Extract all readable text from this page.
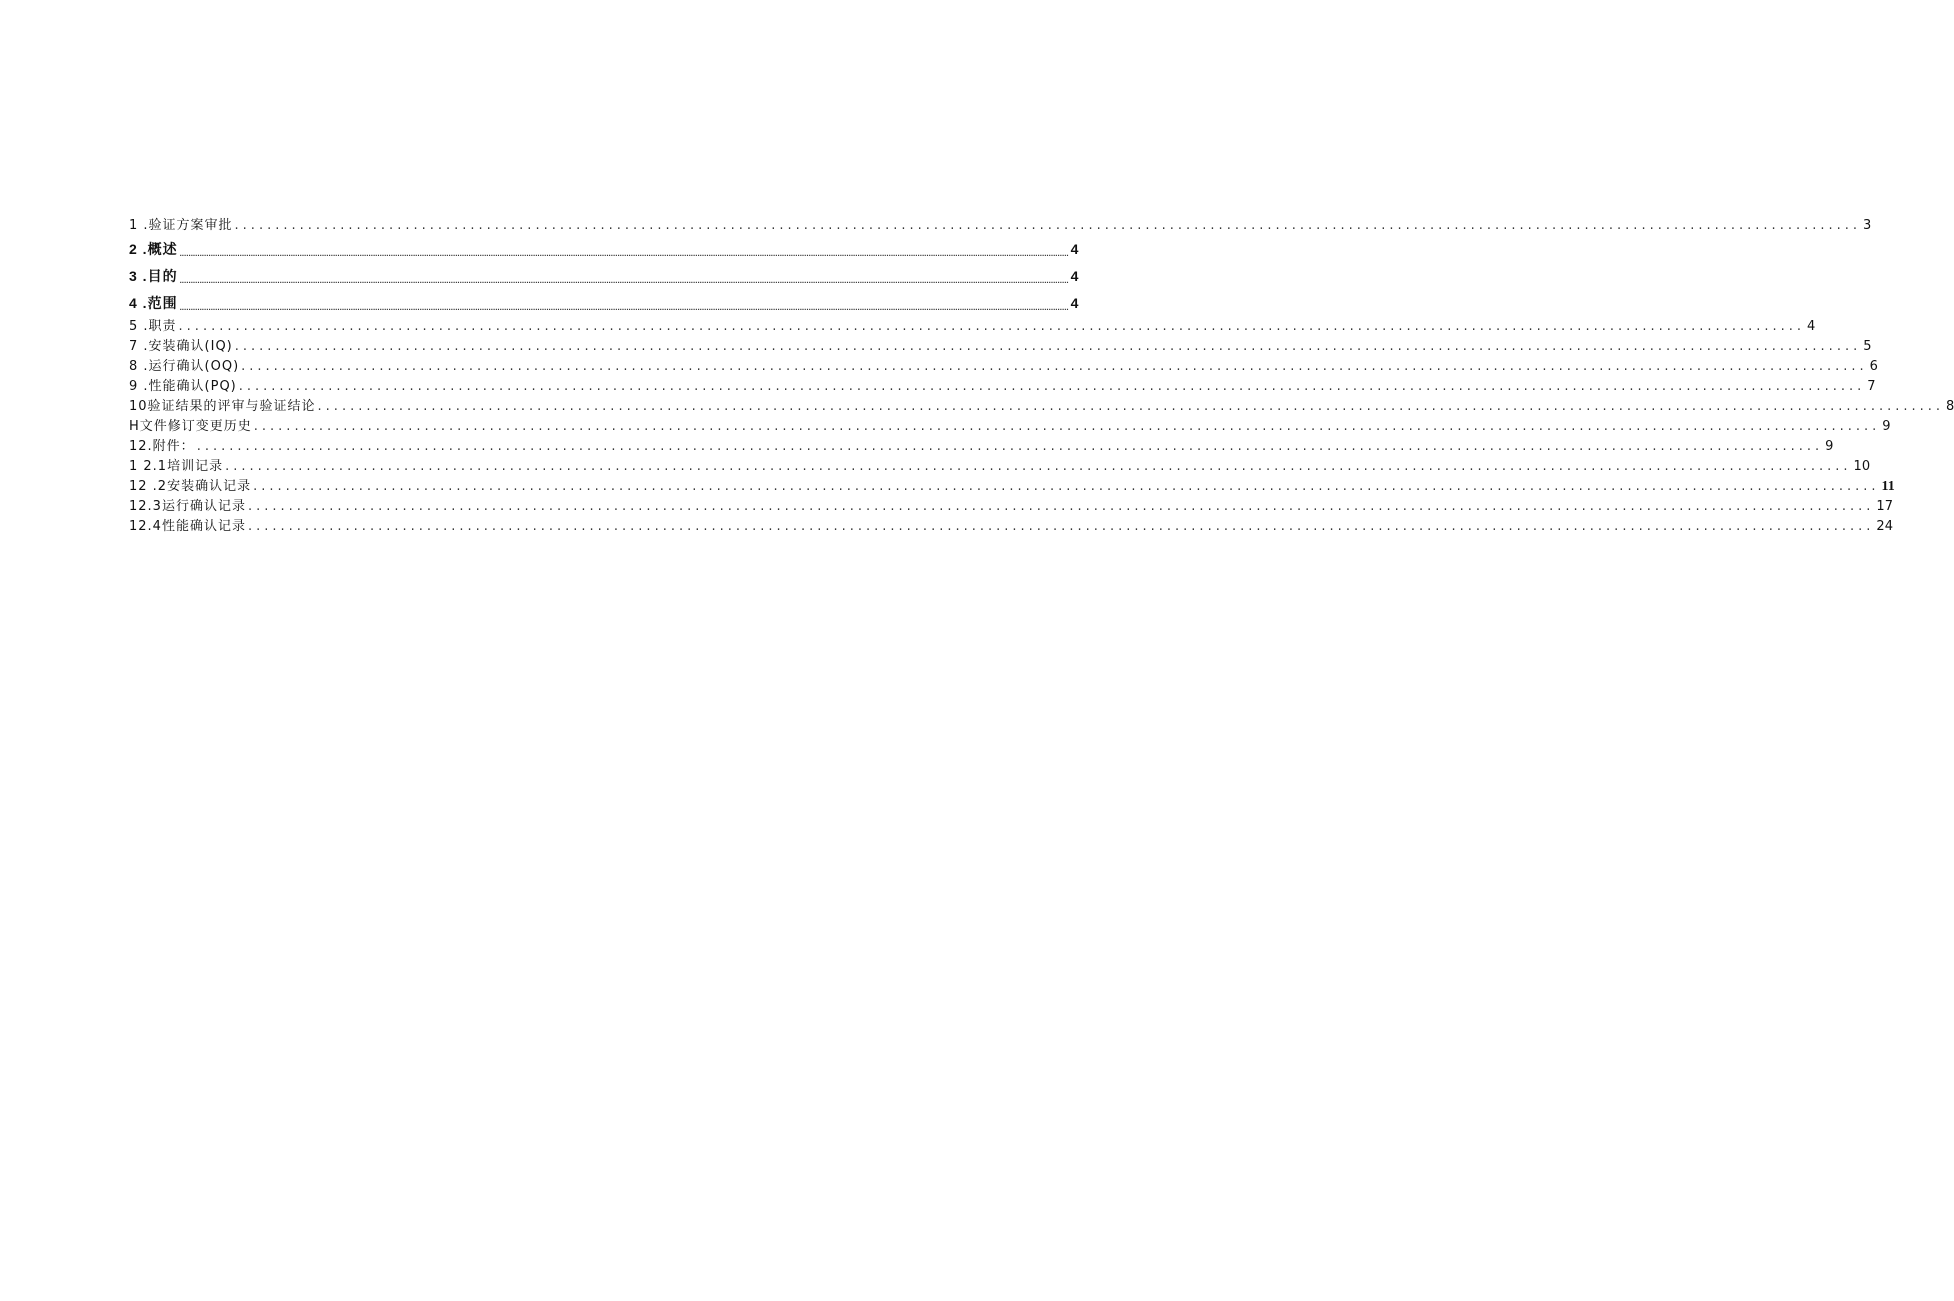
1 .验证方案审批 ........................................................................................................................................................................................................ 3
2 .概述 ................................................................................................................................................................................................................................................................................................................................................................................................................ 4
3 .目的 ................................................................................................................................................................................................................................................................................................................................................................................................................ 4
4 .范围 ................................................................................................................................................................................................................................................................................................................................................................................................................ 4
5 .职责 ........................................................................................................................................................................................................ 4
7 .安装确认(IQ) ........................................................................................................................................................................................................ 5
8 .运行确认(OQ) ........................................................................................................................................................................................................ 6
9 .性能确认(PQ) ........................................................................................................................................................................................................ 7
10验证结果的评审与验证结论 ........................................................................................................................................................................................................ 8
H文件修订变更历史 ........................................................................................................................................................................................................ 9
12.附件： ........................................................................................................................................................................................................ 9
1 2.1培训记录 ........................................................................................................................................................................................................ 10
12 .2安装确认记录 ........................................................................................................................................................................................................ 11
12.3运行确认记录 ........................................................................................................................................................................................................ 17
12.4性能确认记录 ........................................................................................................................................................................................................ 24
